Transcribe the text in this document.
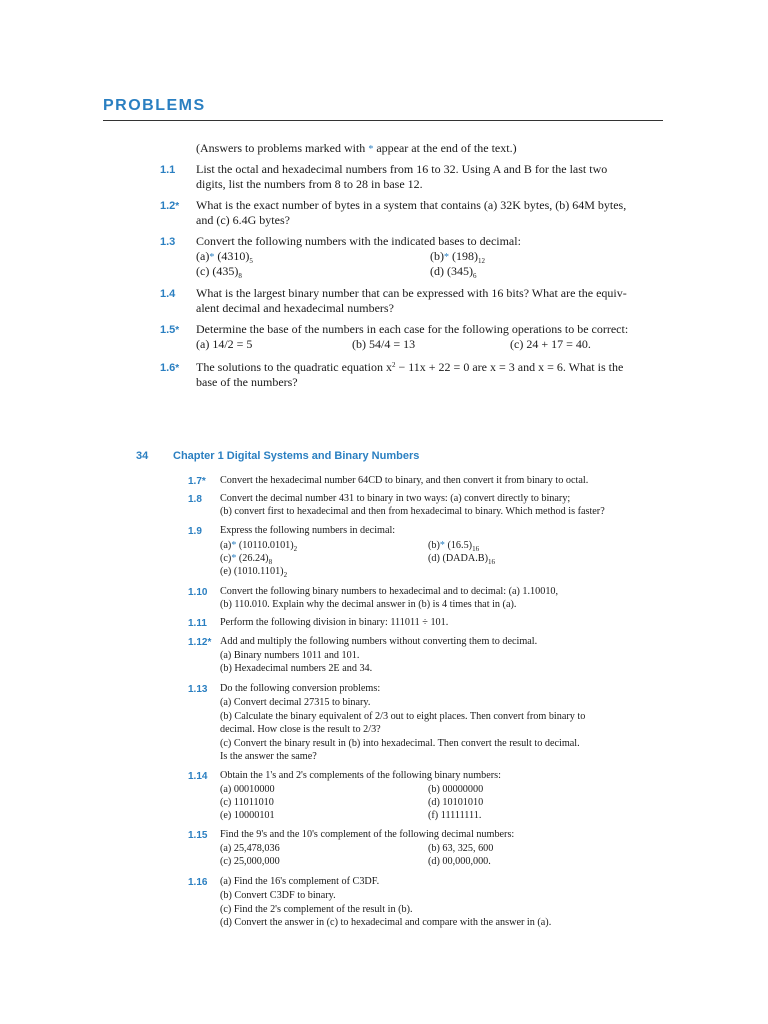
PROBLEMS
(Answers to problems marked with * appear at the end of the text.)
1.1 List the octal and hexadecimal numbers from 16 to 32. Using A and B for the last two
digits, list the numbers from 8 to 28 in base 12.
1.2* What is the exact number of bytes in a system that contains (a) 32K bytes, (b) 64M bytes,
and (c) 6.4G bytes?
1.3 Convert the following numbers with the indicated bases to decimal:
(a)* $(4310)_5$	(b)* $(198)_{12}$
(c) $(435)_8$	(d) $(345)_6$
1.4 What is the largest binary number that can be expressed with 16 bits? What are the equiv-
alent decimal and hexadecimal numbers?
1.5* Determine the base of the numbers in each case for the following operations to be correct:
(a) 14/2 = 5	(b) 54/4 = 13	(c) 24 + 17 = 40.
1.6* The solutions to the quadratic equation $x^2 - 11x + 22 = 0$ are x = 3 and x = 6. What is the
base of the numbers?
34 Chapter 1 Digital Systems and Binary Numbers
1.7* Convert the hexadecimal number 64CD to binary, and then convert it from binary to octal.
1.8 Convert the decimal number 431 to binary in two ways: (a) convert directly to binary;
(b) convert first to hexadecimal and then from hexadecimal to binary. Which method is faster?
1.9 Express the following numbers in decimal:
(a)* $(10110.0101)_2$	(b)* $(16.5)_{16}$
(c)* $(26.24)_8$	(d) $(DADA.B)_{16}$
(e) $(1010.1101)_2$
1.10 Convert the following binary numbers to hexadecimal and to decimal: (a) 1.10010,
(b) 110.010. Explain why the decimal answer in (b) is 4 times that in (a).
1.11 Perform the following division in binary: 111011 ÷ 101.
1.12* Add and multiply the following numbers without converting them to decimal.
(a) Binary numbers 1011 and 101.
(b) Hexadecimal numbers 2E and 34.
1.13 Do the following conversion problems:
(a) Convert decimal 27315 to binary.
(b) Calculate the binary equivalent of 2/3 out to eight places. Then convert from binary to
decimal. How close is the result to 2/3?
(c) Convert the binary result in (b) into hexadecimal. Then convert the result to decimal.
Is the answer the same?
1.14 Obtain the 1's and 2's complements of the following binary numbers:
(a) 00010000	(b) 00000000
(c) 11011010	(d) 10101010
(e) 10000101	(f) 11111111.
1.15 Find the 9's and the 10's complement of the following decimal numbers:
(a) 25,478,036	(b) 63, 325, 600
(c) 25,000,000	(d) 00,000,000.
1.16 (a) Find the 16's complement of C3DF.
(b) Convert C3DF to binary.
(c) Find the 2's complement of the result in (b).
(d) Convert the answer in (c) to hexadecimal and compare with the answer in (a).
